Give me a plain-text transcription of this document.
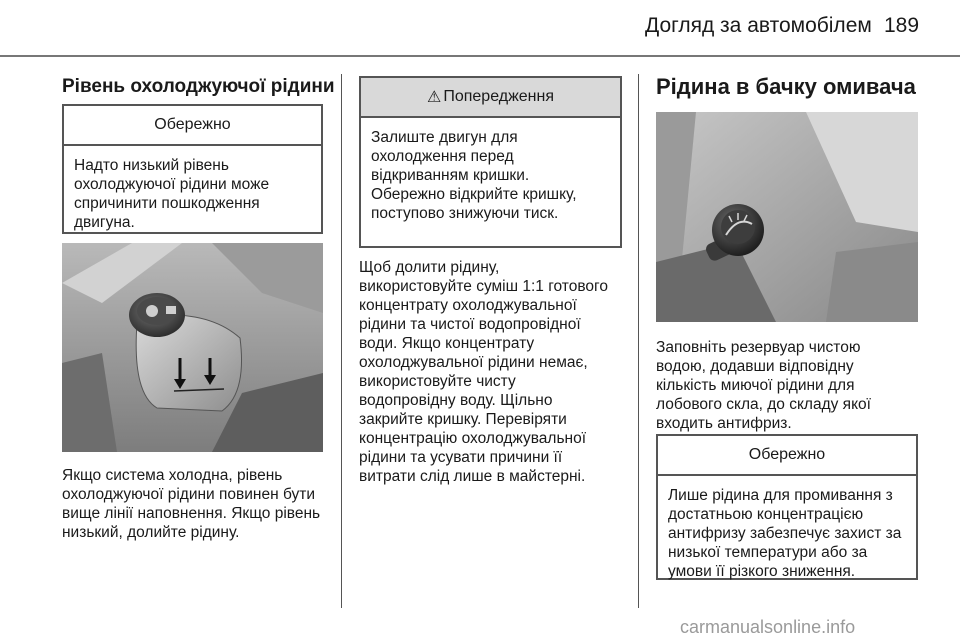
Догляд за автомобілем 189
Рівень охолоджуючої рідини
Обережно
Надто низький рівень
охолоджуючої рідини може
спричинити пошкодження
двигуна.
Якщо система холодна, рівень
охолоджуючої рідини повинен бути
вище лінії наповнення. Якщо рівень
низький, долийте рідину.
⚠ Попередження
Залиште двигун для
охолодження перед
відкриванням кришки.
Обережно відкрийте кришку,
поступово знижуючи тиск.
Щоб долити рідину,
використовуйте суміш 1:1 готового
концентрату охолоджувальної
рідини та чистої водопровідної
води. Якщо концентрату
охолоджувальної рідини немає,
використовуйте чисту
водопровідну воду. Щільно
закрийте кришку. Перевіряти
концентрацію охолоджувальної
рідини та усувати причини її
витрати слід лише в майстерні.
Рідина в бачку омивача
Заповніть резервуар чистою
водою, додавши відповідну
кількість миючої рідини для
лобового скла, до складу якої
входить антифриз.
Обережно
Лише рідина для промивання з
достатньою концентрацією
антифризу забезпечує захист за
низької температури або за
умови її різкого зниження.
carmanualsonline.info
